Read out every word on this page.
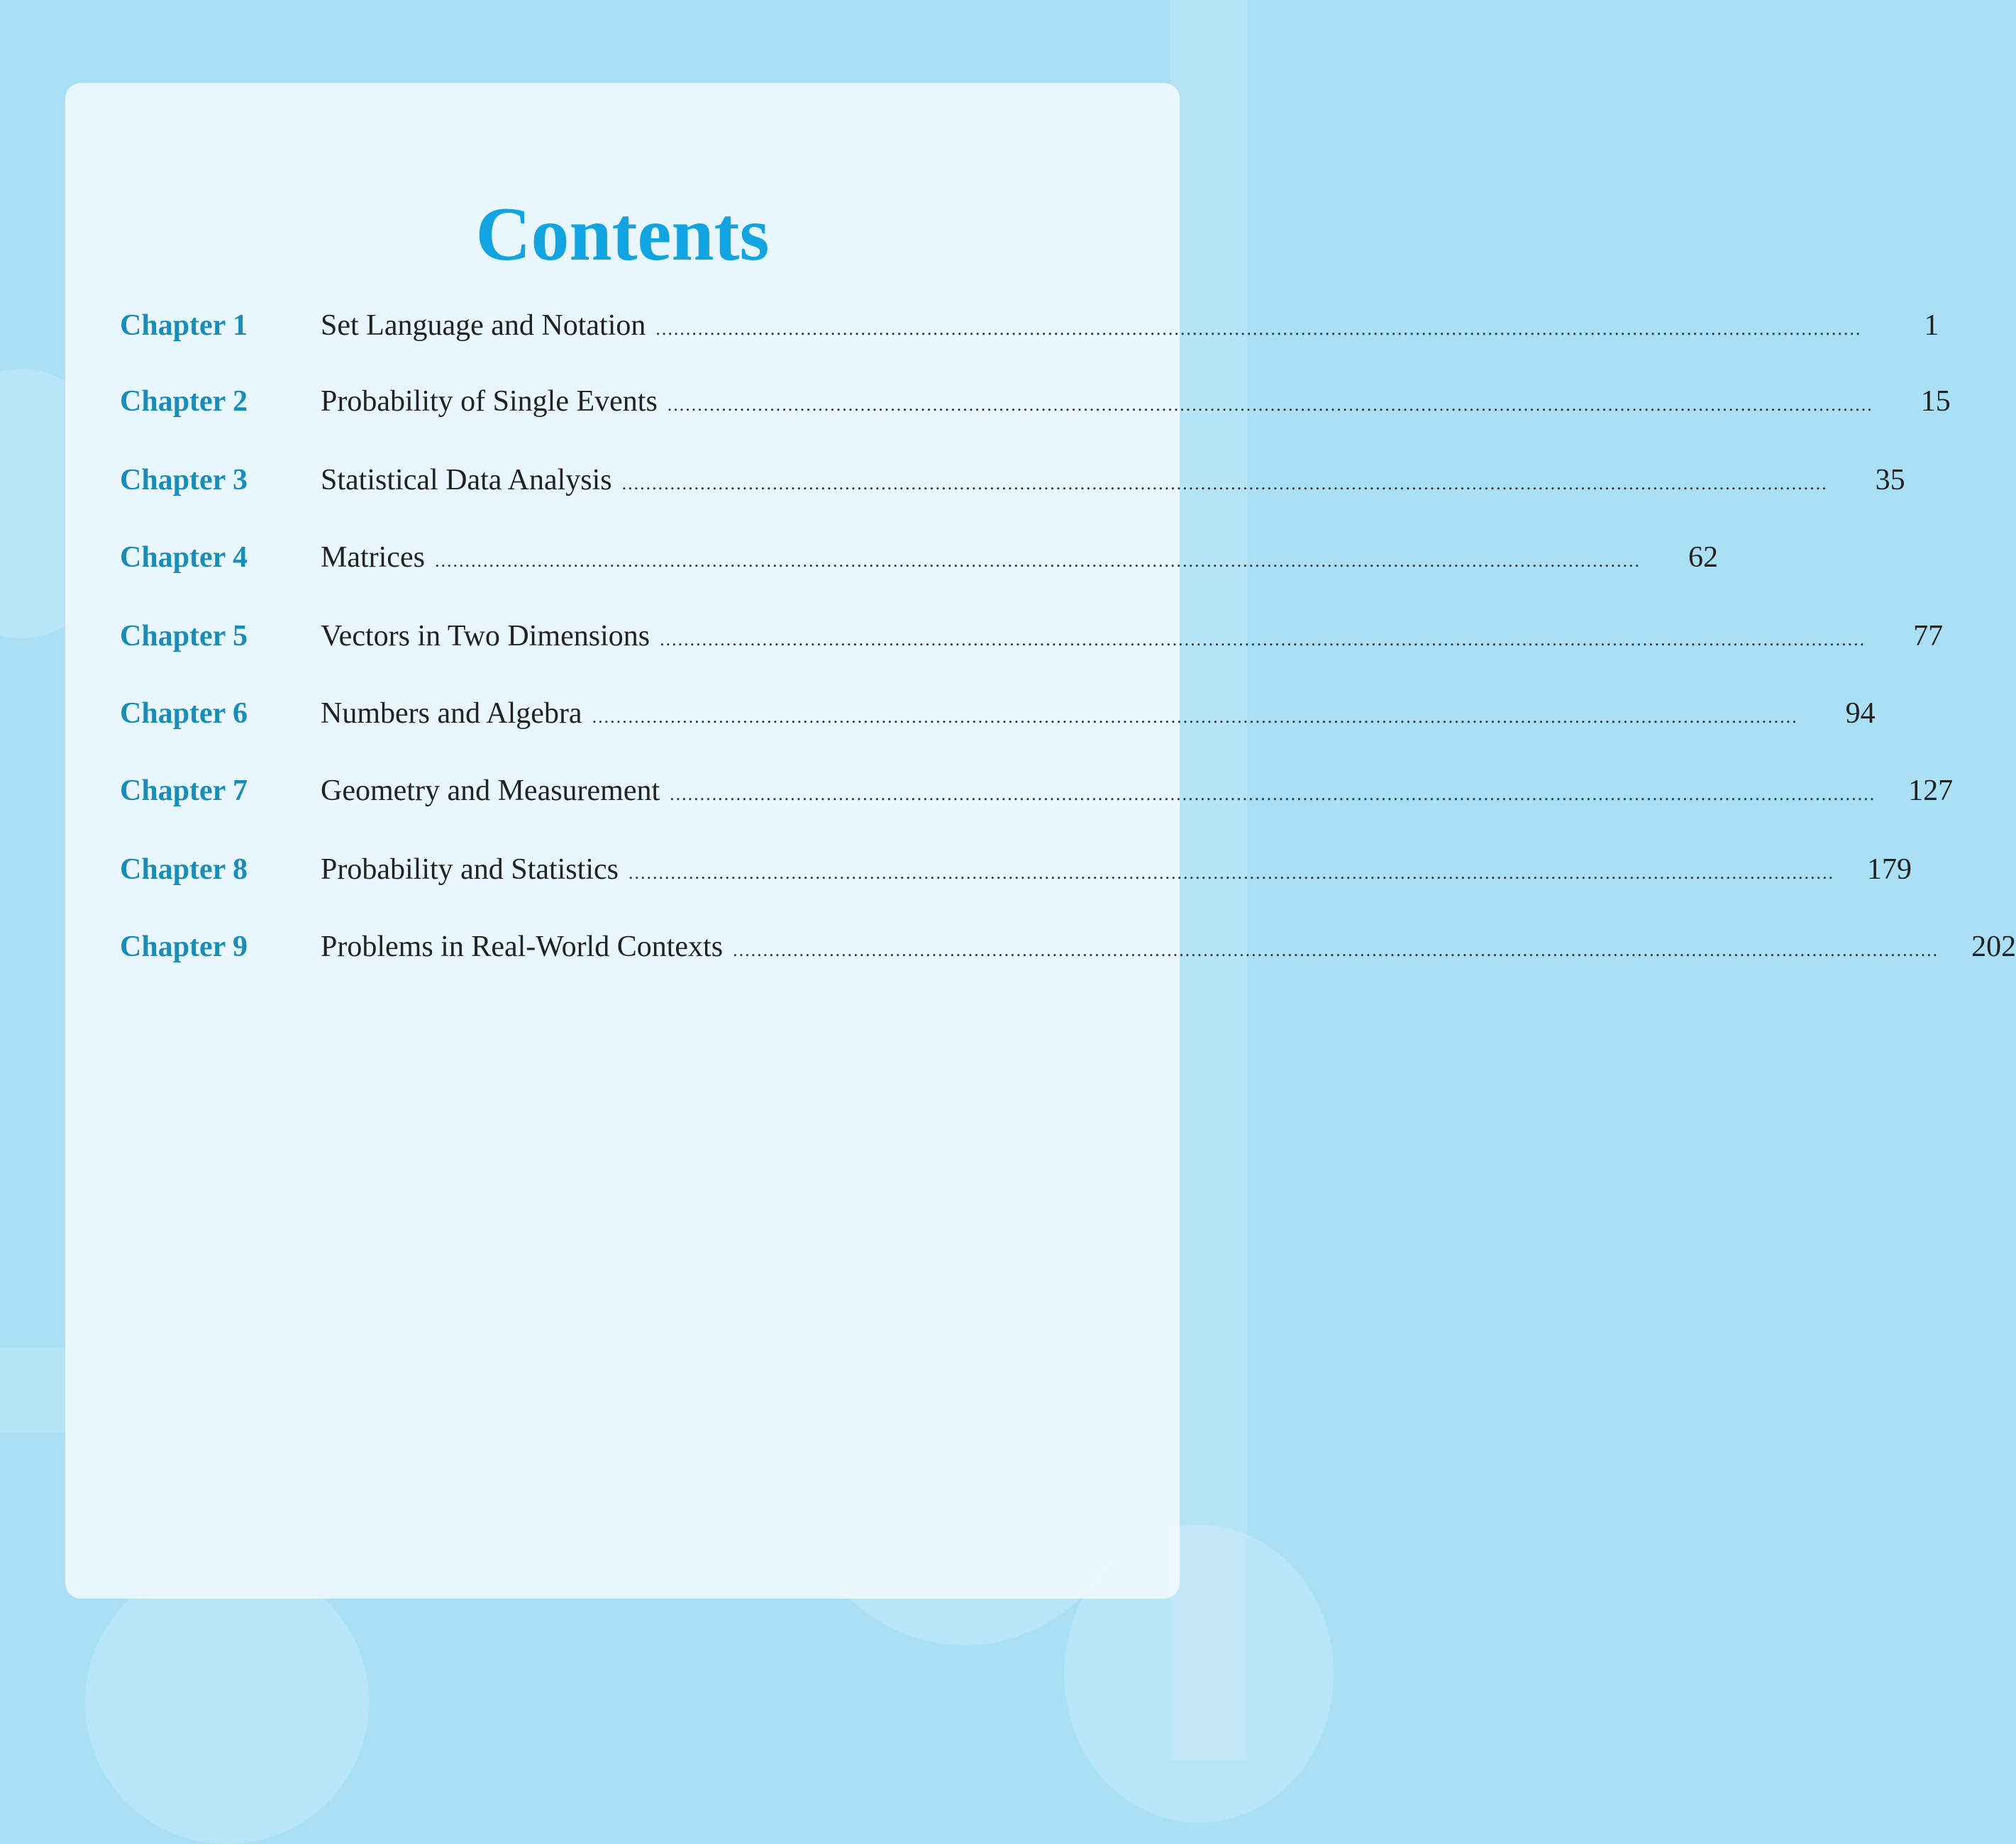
Contents
Chapter 1	Set Language and Notation ........................................................................................................................................................................................................	1
Chapter 2	Probability of Single Events ........................................................................................................................................................................................................	15
Chapter 3	Statistical Data Analysis ........................................................................................................................................................................................................	35
Chapter 4	Matrices ........................................................................................................................................................................................................	62
Chapter 5	Vectors in Two Dimensions ........................................................................................................................................................................................................	77
Chapter 6	Numbers and Algebra ........................................................................................................................................................................................................	94
Chapter 7	Geometry and Measurement ........................................................................................................................................................................................................	127
Chapter 8	Probability and Statistics ........................................................................................................................................................................................................	179
Chapter 9	Problems in Real-World Contexts ........................................................................................................................................................................................................	202
